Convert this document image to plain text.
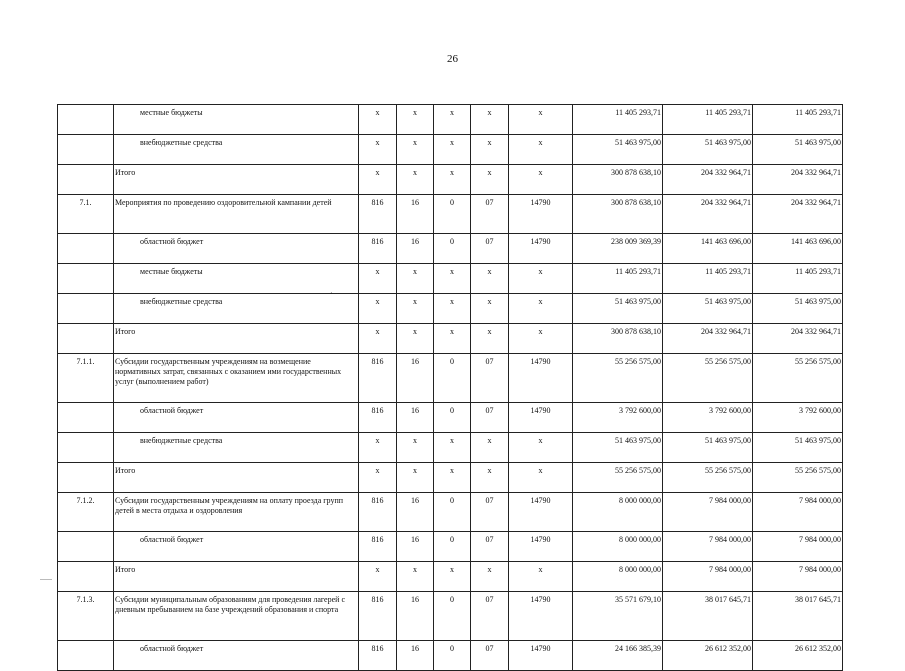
26
	местные бюджеты	х	х	х	х	х	11 405 293,71	11 405 293,71	11 405 293,71
	внебюджетные средства	х	х	х	х	х	51 463 975,00	51 463 975,00	51 463 975,00
	Итого	х	х	х	х	х	300 878 638,10	204 332 964,71	204 332 964,71
7.1.	Мероприятия по проведению оздоровительной кампании детей	816	16	0	07	14790	300 878 638,10	204 332 964,71	204 332 964,71
	областной бюджет	816	16	0	07	14790	238 009 369,39	141 463 696,00	141 463 696,00
	местные бюджеты	х	х	х	х	х	11 405 293,71	11 405 293,71	11 405 293,71
	внебюджетные средства	х	х	х	х	х	51 463 975,00	51 463 975,00	51 463 975,00
	Итого	х	х	х	х	х	300 878 638,10	204 332 964,71	204 332 964,71
7.1.1.	Субсидии государственным учреждениям на возмещение нормативных затрат, связанных с оказанием ими государственных услуг (выполнением работ)	816	16	0	07	14790	55 256 575,00	55 256 575,00	55 256 575,00
	областной бюджет	816	16	0	07	14790	3 792 600,00	3 792 600,00	3 792 600,00
	внебюджетные средства	х	х	х	х	х	51 463 975,00	51 463 975,00	51 463 975,00
	Итого	х	х	х	х	х	55 256 575,00	55 256 575,00	55 256 575,00
7.1.2.	Субсидии государственным учреждениям на оплату проезда групп детей в места отдыха и оздоровления	816	16	0	07	14790	8 000 000,00	7 984 000,00	7 984 000,00
	областной бюджет	816	16	0	07	14790	8 000 000,00	7 984 000,00	7 984 000,00
	Итого	х	х	х	х	х	8 000 000,00	7 984 000,00	7 984 000,00
7.1.3.	Субсидии муниципальным образованиям для проведения лагерей с дневным пребыванием на базе учреждений образования и спорта	816	16	0	07	14790	35 571 679,10	38 017 645,71	38 017 645,71
	областной бюджет	816	16	0	07	14790	24 166 385,39	26 612 352,00	26 612 352,00
·
